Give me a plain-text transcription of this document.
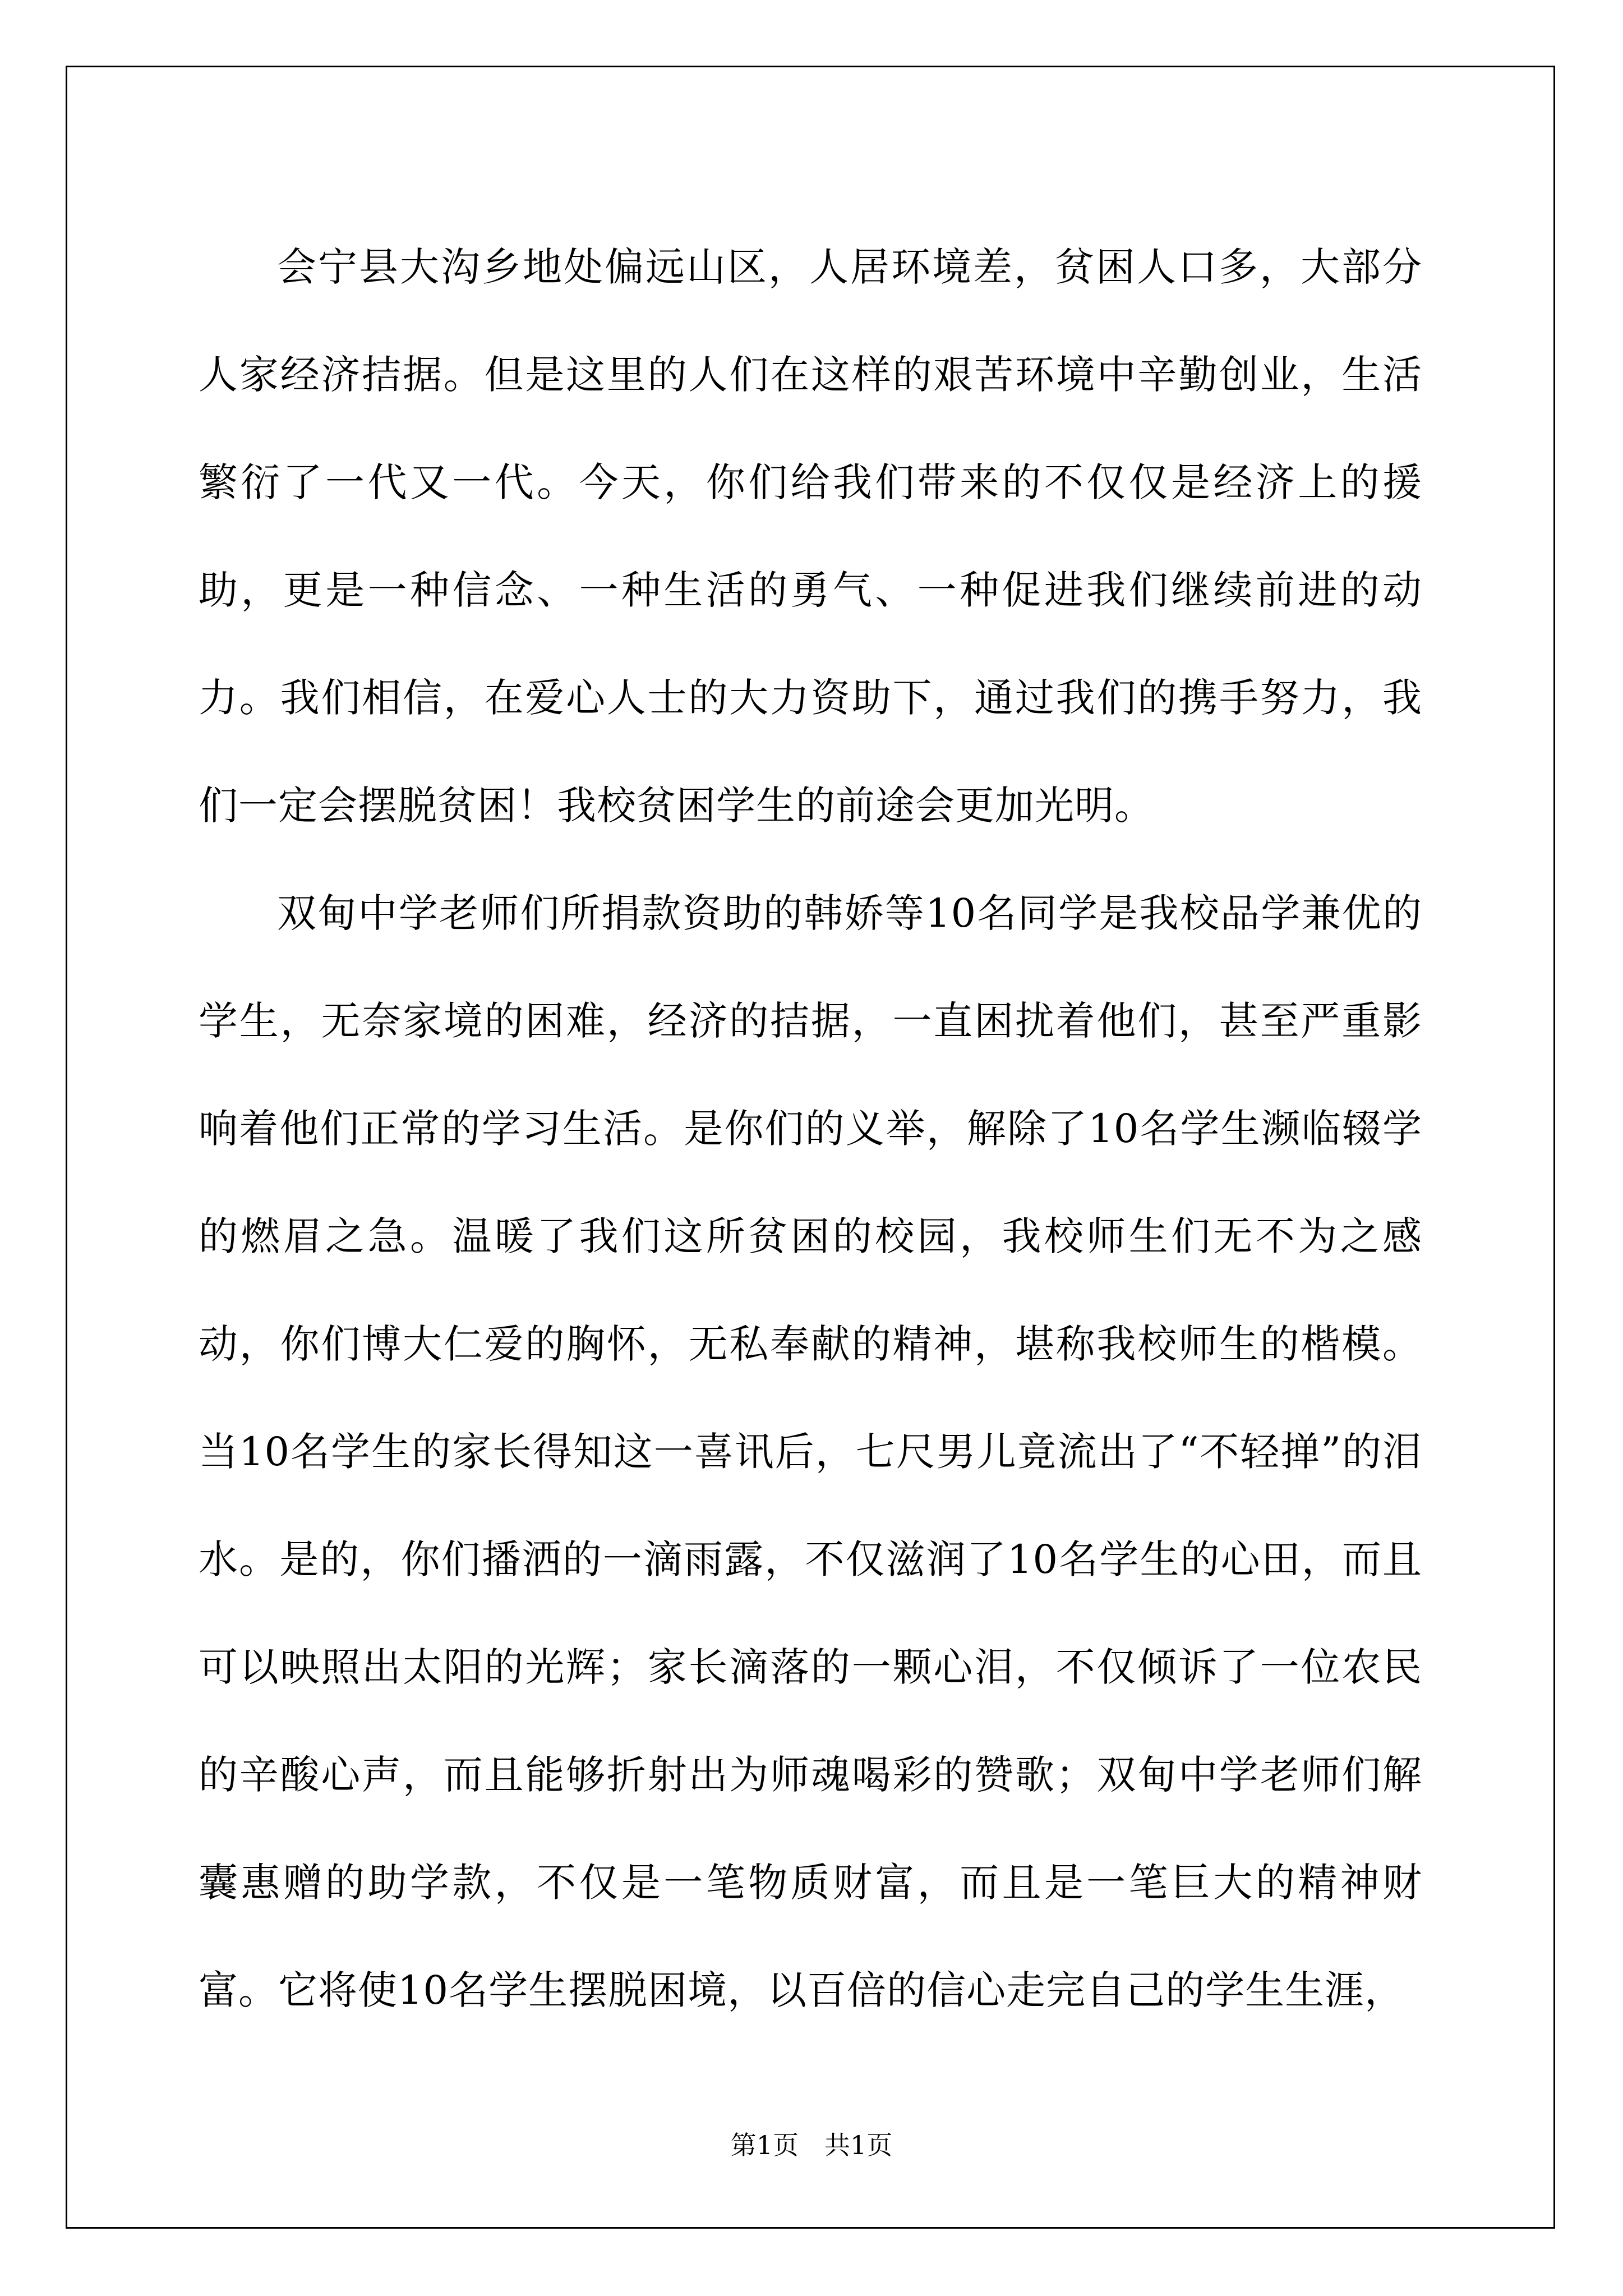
会宁县大沟乡地处偏远山区，人居环境差，贫困人口多，大部分人家经济拮据。但是这里的人们在这样的艰苦环境中辛勤创业，生活繁衍了一代又一代。今天，你们给我们带来的不仅仅是经济上的援助，更是一种信念、一种生活的勇气、一种促进我们继续前进的动力。我们相信，在爱心人士的大力资助下，通过我们的携手努力，我们一定会摆脱贫困！我校贫困学生的前途会更加光明。

双甸中学老师们所捐款资助的韩娇等10名同学是我校品学兼优的学生，无奈家境的困难，经济的拮据，一直困扰着他们，甚至严重影响着他们正常的学习生活。是你们的义举，解除了10名学生濒临辍学的燃眉之急。温暖了我们这所贫困的校园，我校师生们无不为之感动，你们博大仁爱的胸怀，无私奉献的精神，堪称我校师生的楷模。当10名学生的家长得知这一喜讯后，七尺男儿竟流出了“不轻掸”的泪水。是的，你们播洒的一滴雨露，不仅滋润了10名学生的心田，而且可以映照出太阳的光辉；家长滴落的一颗心泪，不仅倾诉了一位农民的辛酸心声，而且能够折射出为师魂喝彩的赞歌；双甸中学老师们解囊惠赠的助学款，不仅是一笔物质财富，而且是一笔巨大的精神财富。它将使10名学生摆脱困境，以百倍的信心走完自己的学生生涯，

第1页　共1页
